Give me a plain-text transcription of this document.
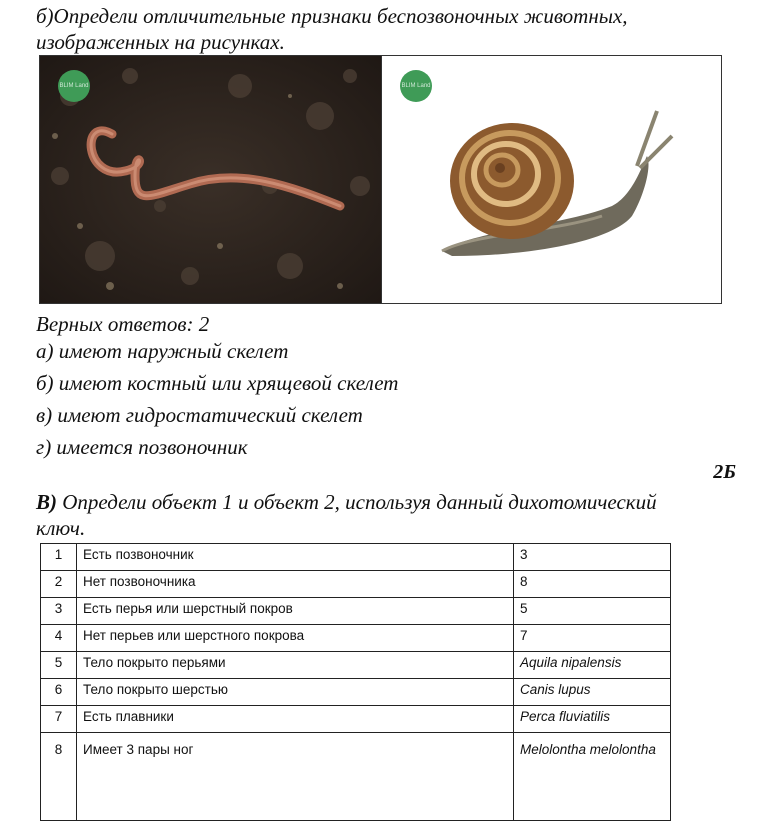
б)Определи отличительные признаки беспозвоночных животных,
изображенных на рисунках.
BLIM Land	BLIM Land
Верных ответов: 2
а) имеют наружный скелет
б) имеют костный или хрящевой скелет
в) имеют гидростатический скелет
г) имеется позвоночник
2Б
В) Определи объект 1 и объект 2, используя данный дихотомический
ключ.
1	Есть позвоночник	3
2	Нет позвоночника	8
3	Есть перья или шерстный покров	5
4	Нет перьев или шерстного покрова	7
5	Тело покрыто перьями	Aquila nipalensis
6	Тело покрыто шерстью	Canis lupus
7	Есть плавники	Perca fluviatilis
8	Имеет 3 пары ног	Melolontha melolontha
